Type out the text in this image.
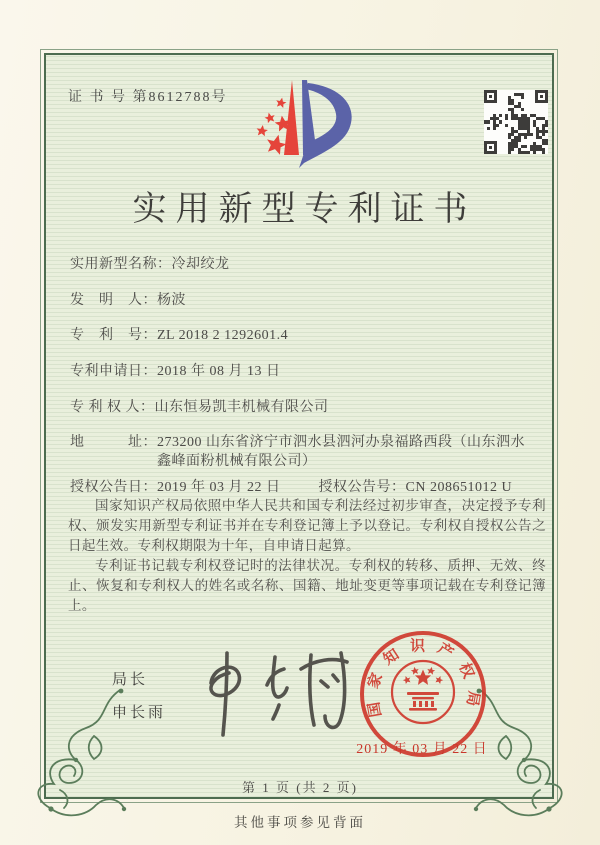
证 书 号 第8612788号
实用新型专利证书
实用新型名称： 冷却绞龙
发　明　人： 杨波
专　利　号： ZL 2018 2 1292601.4
专利申请日： 2018 年 08 月 13 日
专 利 权 人： 山东恒易凯丰机械有限公司
地　　　址： 273200 山东省济宁市泗水县泗河办泉福路西段（山东泗水鑫峰面粉机械有限公司）
授权公告日： 2019 年 03 月 22 日	授权公告号： CN 208651012 U

国家知识产权局依照中华人民共和国专利法经过初步审查，决定授予专利权、颁发实用新型专利证书并在专利登记簿上予以登记。专利权自授权公告之日起生效。专利权期限为十年，自申请日起算。

专利证书记载专利权登记时的法律状况。专利权的转移、质押、无效、终止、恢复和专利权人的姓名或名称、国籍、地址变更等事项记载在专利登记簿上。

局长
申长雨	国家知识产权局
2019 年 03 月 22 日
第 1 页 (共 2 页)
其他事项参见背面
